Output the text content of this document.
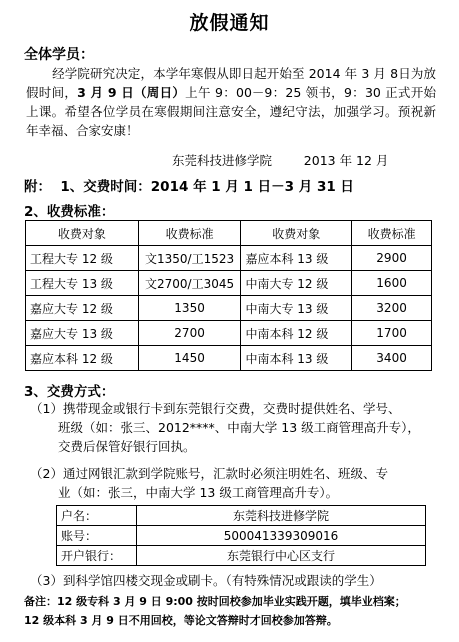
放假通知
全体学员：
经学院研究决定，本学年寒假从即日起开始至 2014 年 3 月 8日为放假时间，3 月 9 日（周日）上午 9：00－9：25 领书，9：30 正式开始上课。希望各位学员在寒假期间注意安全，遵纪守法，加强学习。预祝新年幸福、合家安康！
东莞科技进修学院        2013 年 12 月
附：  1、交费时间：2014 年 1 月 1 日－3 月 31 日
2、收费标准：
收费对象	收费标准	收费对象	收费标准
工程大专 12 级	文1350/工1523	嘉应本科 13 级	2900
工程大专 13 级	文2700/工3045	中南大专 12 级	1600
嘉应大专 12 级	1350	中南大专 13 级	3200
嘉应大专 13 级	2700	中南本科 12 级	1700
嘉应本科 12 级	1450	中南本科 13 级	3400
3、交费方式：
（1）携带现金或银行卡到东莞银行交费，交费时提供姓名、学号、
班级（如：张三、2012****、中南大学 13 级工商管理高升专），
交费后保管好银行回执。
（2）通过网银汇款到学院账号，汇款时必须注明姓名、班级、专
业（如：张三，中南大学 13 级工商管理高升专）。
户名：	东莞科技进修学院
账号：	500041339309016
开户银行：	东莞银行中心区支行
（3）到科学馆四楼交现金或刷卡。（有特殊情况或跟读的学生）
备注：12 级专科 3 月 9 日 9:00 按时回校参加毕业实践开题，填毕业档案；
12 级本科 3 月 9 日不用回校，等论文答辩时才回校参加答辩。
